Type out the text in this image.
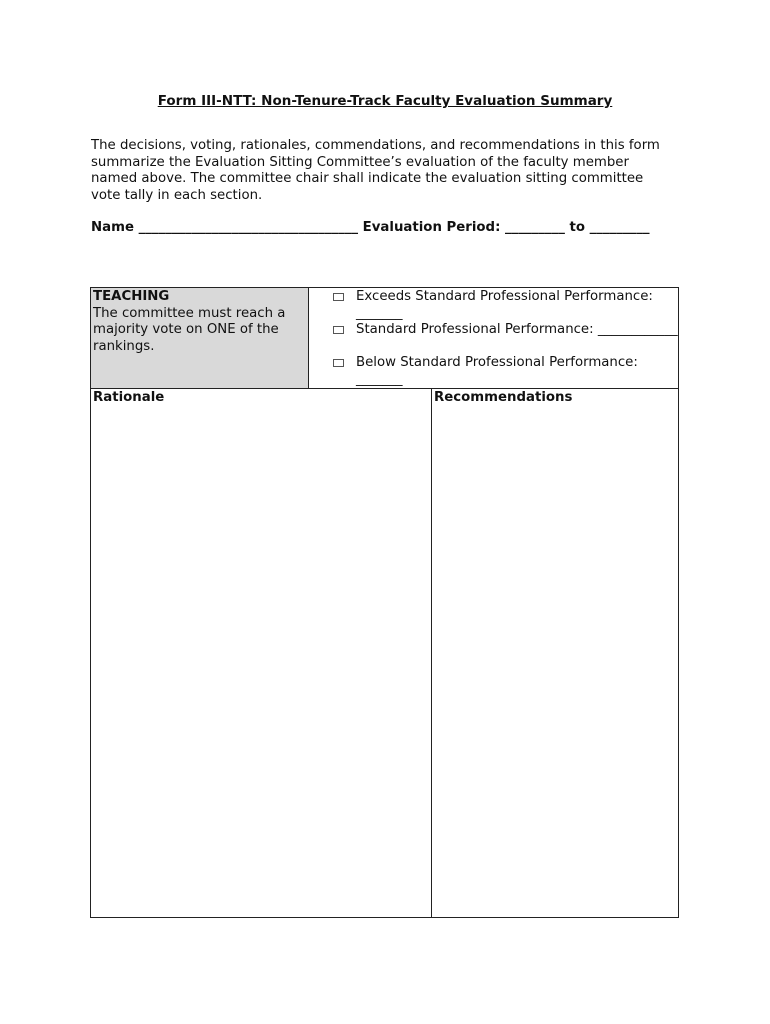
Form III-NTT: Non-Tenure-Track Faculty Evaluation Summary
The decisions, voting, rationales, commendations, and recommendations in this form summarize the Evaluation Sitting Committee’s evaluation of the faculty member named above. The committee chair shall indicate the evaluation sitting committee vote tally in each section.
Name _________________________________ Evaluation Period: _________ to _________
TEACHING
The committee must reach a majority vote on ONE of the rankings.
Exceeds Standard Professional Performance: _______
Standard Professional Performance: ____________
Below Standard Professional Performance: _______
Rationale	Recommendations
